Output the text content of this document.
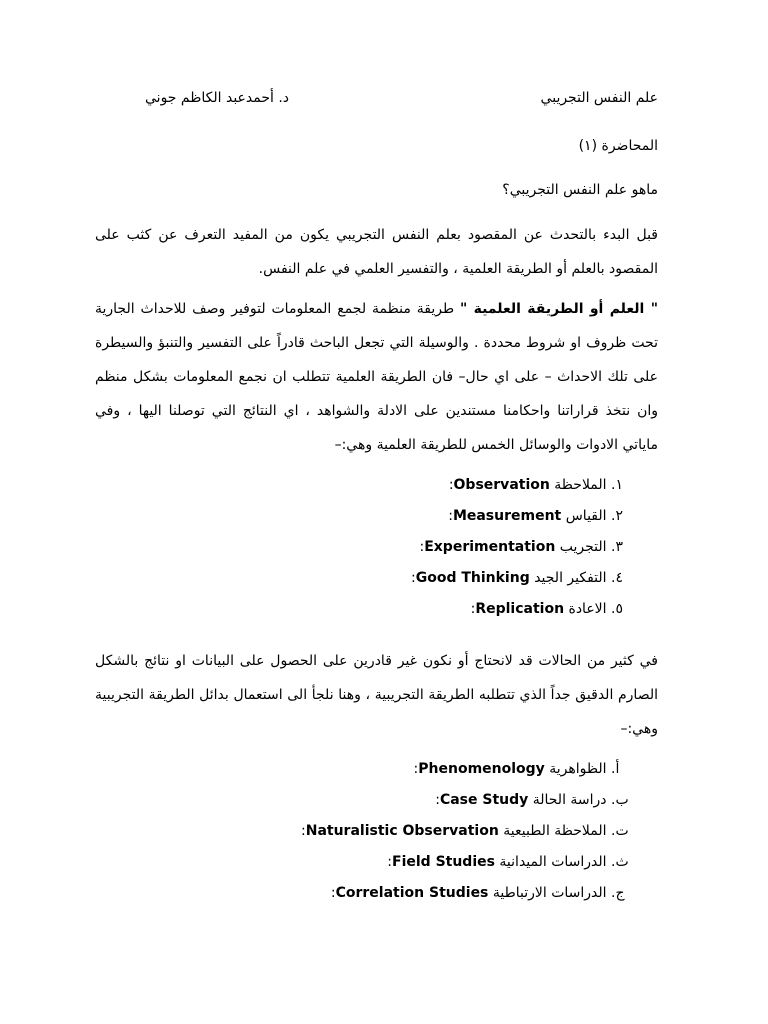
علم النفس التجريبي
د. أحمدعبد الكاظم جوني
المحاضرة (١)
ماهو علم النفس التجريبي؟
قبل البدء بالتحدث عن المقصود بعلم النفس التجريبي يكون من المفيد التعرف عن كثب على المقصود بالعلم أو الطريقة العلمية ، والتفسير العلمي في علم النفس.
" العلم أو الطريقة العلمية " طريقة منظمة لجمع المعلومات لتوفير وصف للاحداث الجارية تحت ظروف او شروط محددة . والوسيلة التي تجعل الباحث قادراً على التفسير والتنبؤ والسيطرة على تلك الاحداث – على اي حال– فان الطريقة العلمية تتطلب ان نجمع المعلومات بشكل منظم وان نتخذ قراراتنا واحكامنا مستندين على الادلة والشواهد ، اي النتائج التي توصلنا اليها ، وفي ماياتي الادوات والوسائل الخمس للطريقة العلمية وهي:–
١. الملاحظة Observation:
٢. القياس Measurement:
٣. التجريب Experimentation:
٤. التفكير الجيد Good Thinking:
٥. الاعادة Replication:
في كثير من الحالات قد لانحتاج أو نكون غير قادرين على الحصول على البيانات او نتائج بالشكل الصارم الدقيق جداً الذي تتطلبه الطريقة التجريبية ، وهنا نلجأ الى استعمال بدائل الطريقة التجريبية وهي:–
أ. الظواهرية Phenomenology:
ب. دراسة الحالة Case Study:
ت. الملاحظة الطبيعية Naturalistic Observation:
ث. الدراسات الميدانية Field Studies:
ج. الدراسات الارتباطية Correlation Studies:
